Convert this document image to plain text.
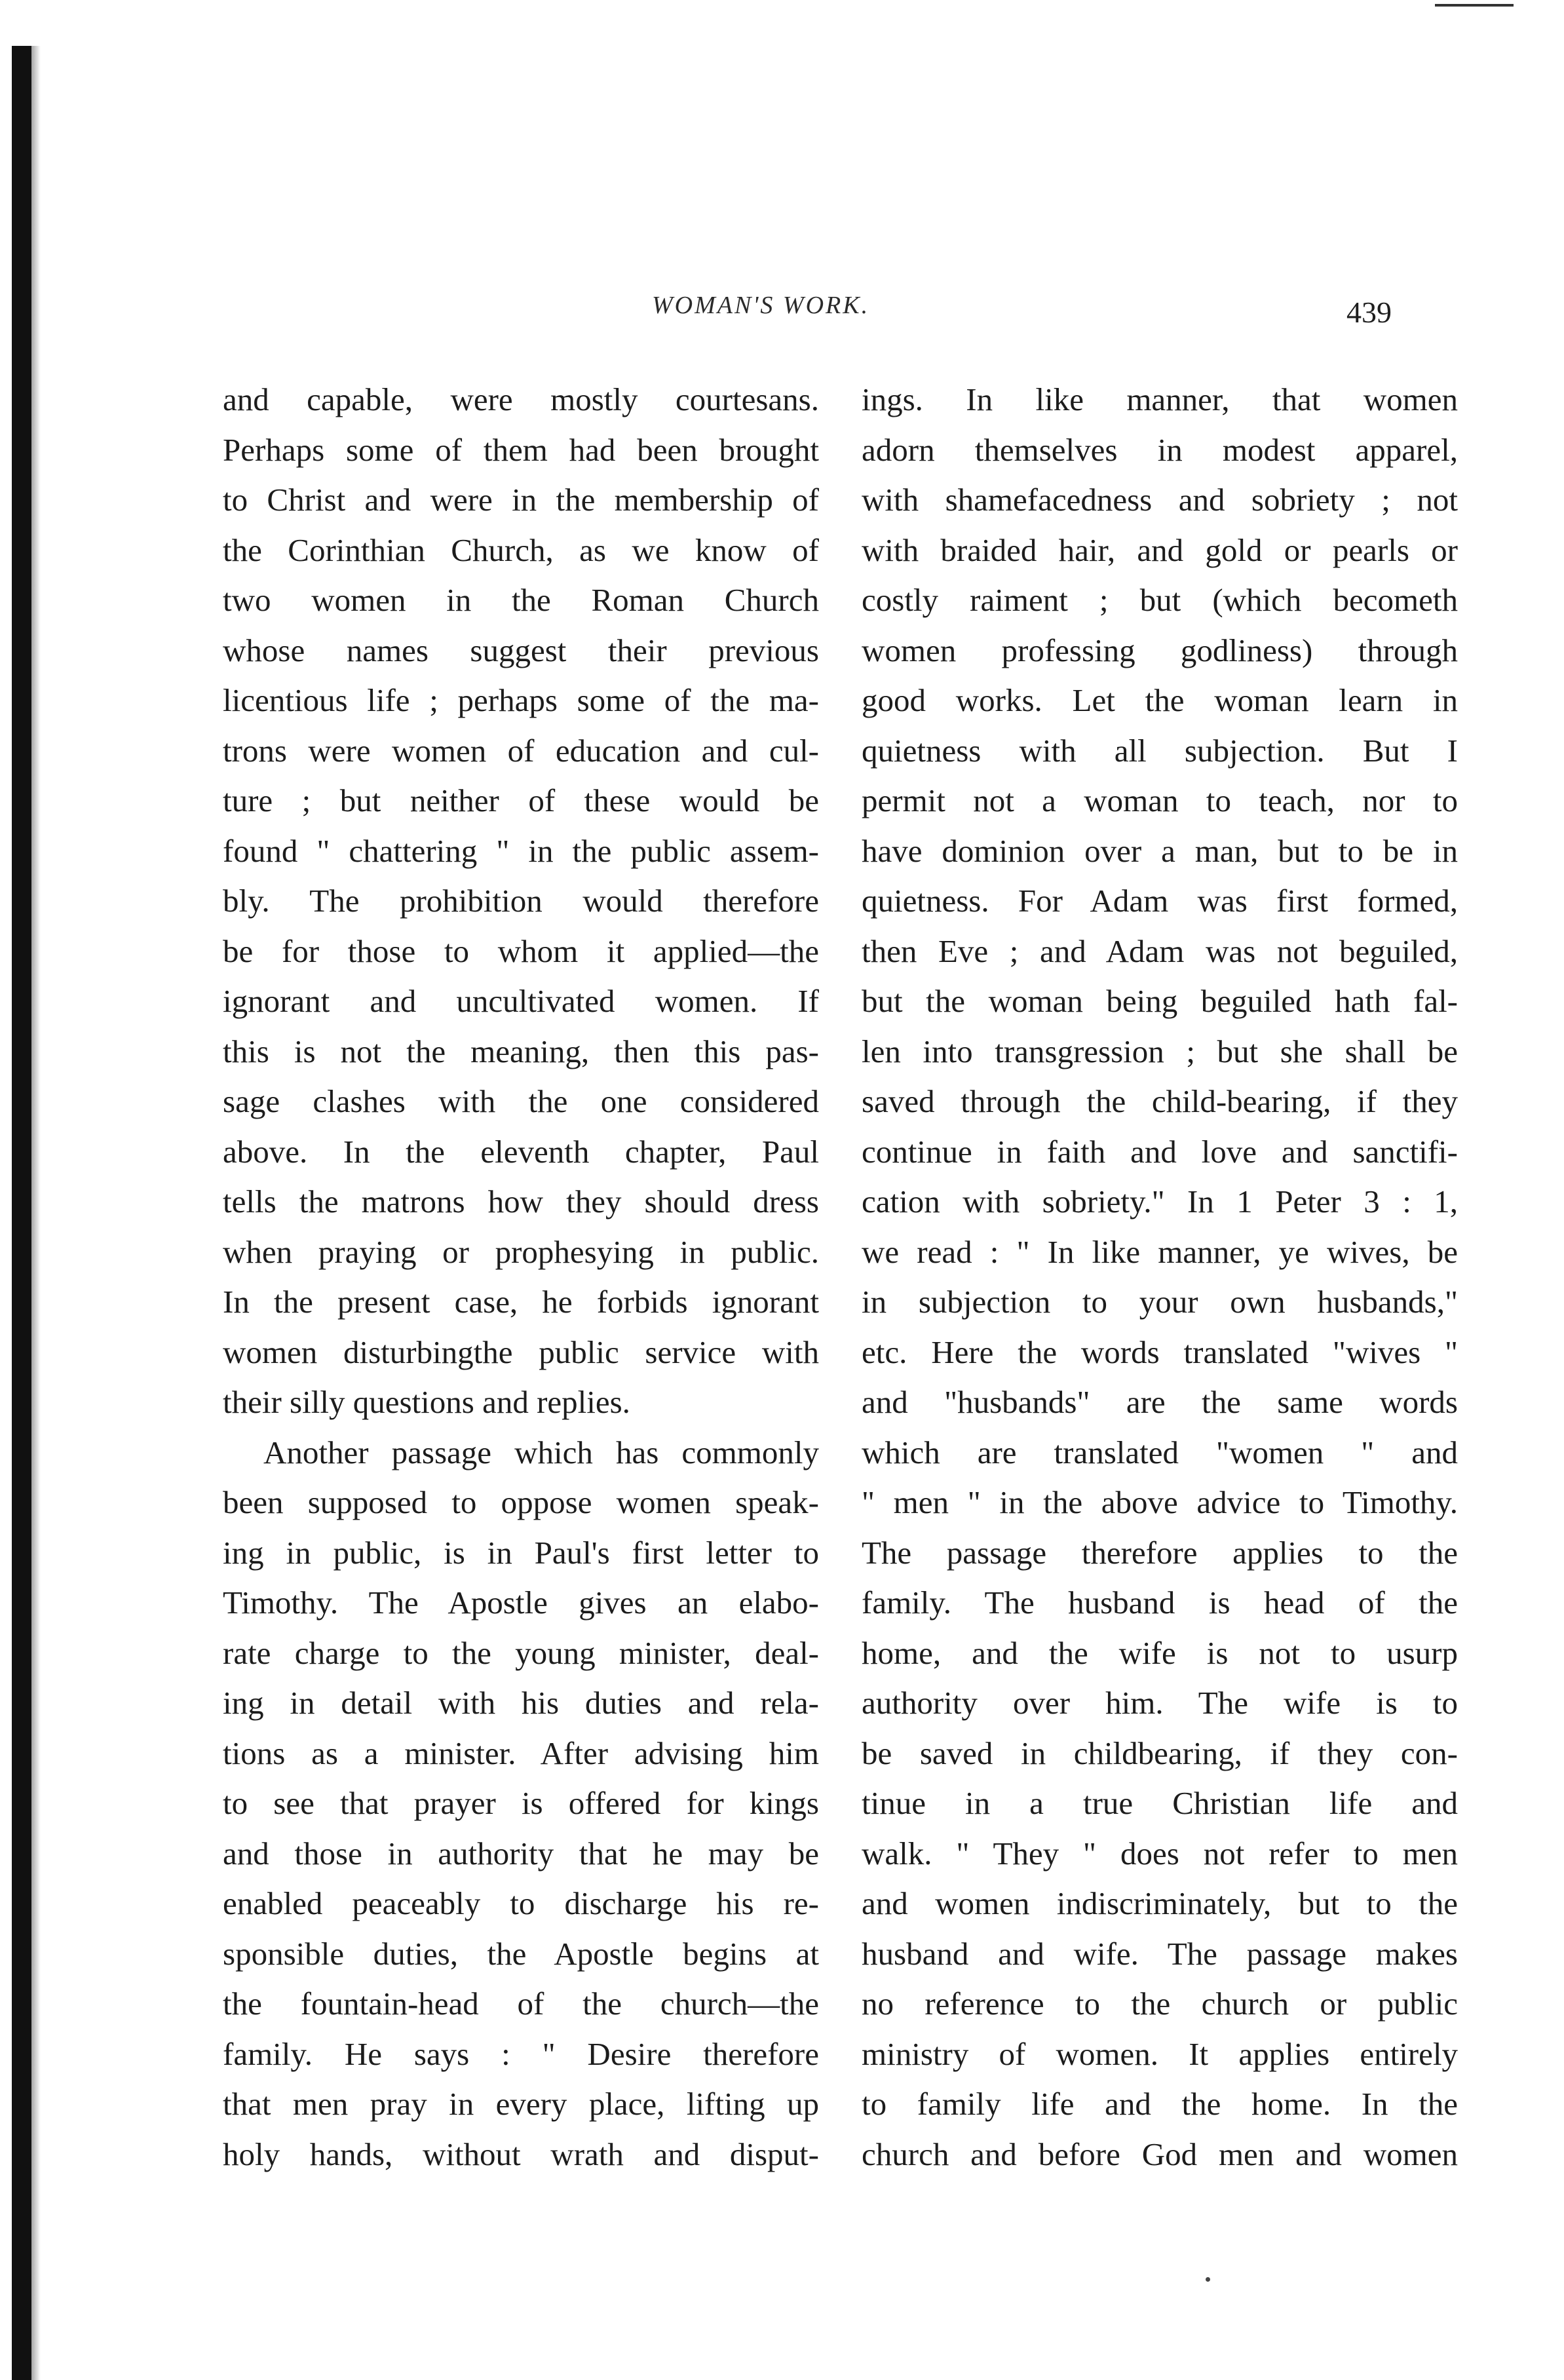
WOMAN'S WORK.	439
and capable, were mostly courtesans.
Perhaps some of them had been brought
to Christ and were in the membership of
the Corinthian Church, as we know of
two women in the Roman Church
whose names suggest their previous
licentious life ; perhaps some of the ma-
trons were women of education and cul-
ture ; but neither of these would be
found " chattering " in the public assem-
bly. The prohibition would therefore
be for those to whom it applied—the
ignorant and uncultivated women. If
this is not the meaning, then this pas-
sage clashes with the one considered
above. In the eleventh chapter, Paul
tells the matrons how they should dress
when praying or prophesying in public.
In the present case, he forbids ignorant
women disturbingthe public service with
their silly questions and replies.
Another passage which has commonly
been supposed to oppose women speak-
ing in public, is in Paul's first letter to
Timothy. The Apostle gives an elabo-
rate charge to the young minister, deal-
ing in detail with his duties and rela-
tions as a minister. After advising him
to see that prayer is offered for kings
and those in authority that he may be
enabled peaceably to discharge his re-
sponsible duties, the Apostle begins at
the fountain-head of the church—the
family. He says : " Desire therefore
that men pray in every place, lifting up
holy hands, without wrath and disput-
ings. In like manner, that women
adorn themselves in modest apparel,
with shamefacedness and sobriety ; not
with braided hair, and gold or pearls or
costly raiment ; but (which becometh
women professing godliness) through
good works. Let the woman learn in
quietness with all subjection. But I
permit not a woman to teach, nor to
have dominion over a man, but to be in
quietness. For Adam was first formed,
then Eve ; and Adam was not beguiled,
but the woman being beguiled hath fal-
len into transgression ; but she shall be
saved through the child-bearing, if they
continue in faith and love and sanctifi-
cation with sobriety." In 1 Peter 3 : 1,
we read : " In like manner, ye wives, be
in subjection to your own husbands,"
etc. Here the words translated "wives "
and "husbands" are the same words
which are translated "women " and
" men " in the above advice to Timothy.
The passage therefore applies to the
family. The husband is head of the
home, and the wife is not to usurp
authority over him. The wife is to
be saved in childbearing, if they con-
tinue in a true Christian life and
walk. " They " does not refer to men
and women indiscriminately, but to the
husband and wife. The passage makes
no reference to the church or public
ministry of women. It applies entirely
to family life and the home. In the
church and before God men and women
